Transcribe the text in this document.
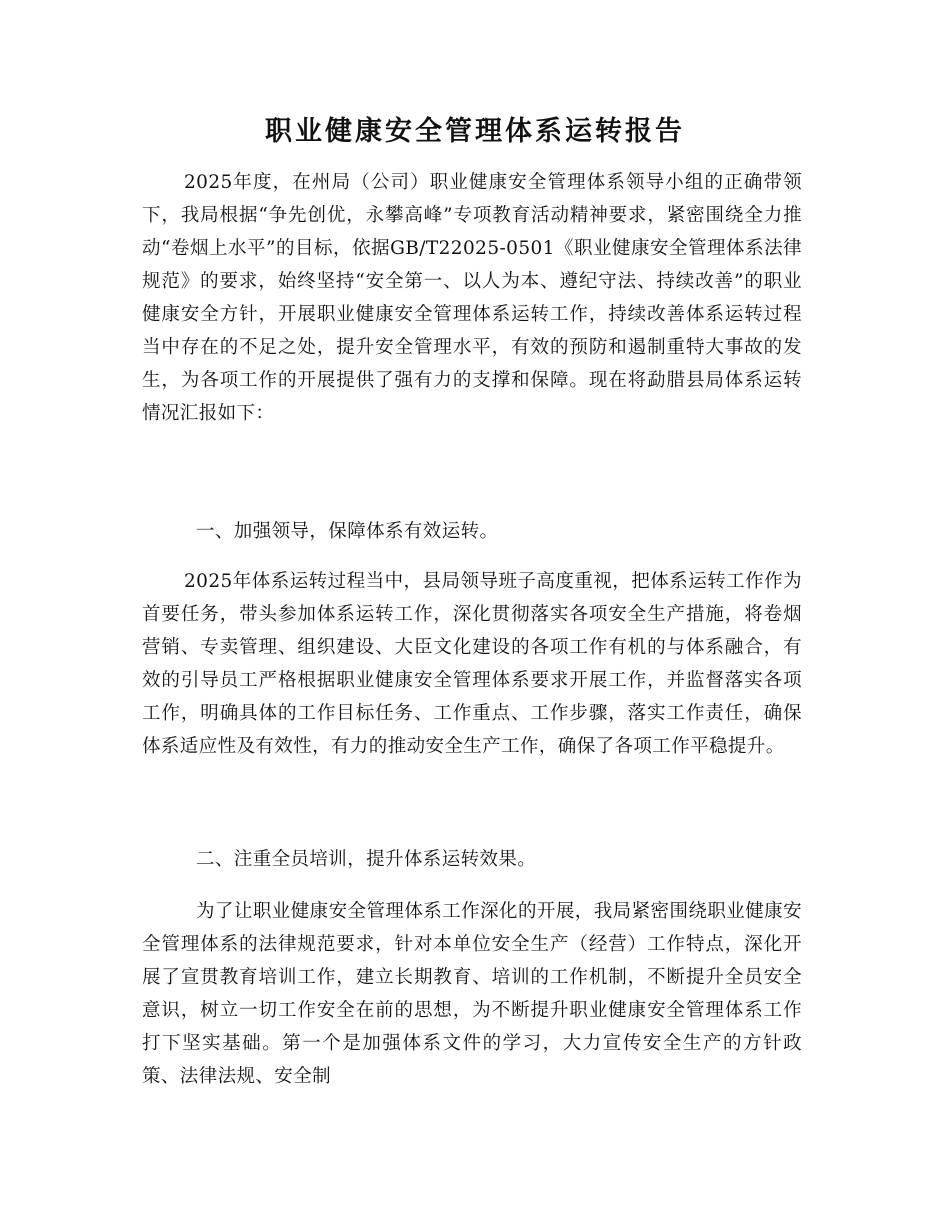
职业健康安全管理体系运转报告

2025年度，在州局（公司）职业健康安全管理体系领导小组的正确带领下，我局根据“争先创优，永攀高峰”专项教育活动精神要求，紧密围绕全力推动“卷烟上水平”的目标，依据GB/T22025-0501《职业健康安全管理体系法律规范》的要求，始终坚持“安全第一、以人为本、遵纪守法、持续改善”的职业健康安全方针，开展职业健康安全管理体系运转工作，持续改善体系运转过程当中存在的不足之处，提升安全管理水平，有效的预防和遏制重特大事故的发生，为各项工作的开展提供了强有力的支撑和保障。现在将勐腊县局体系运转情况汇报如下：

一、加强领导，保障体系有效运转。

2025年体系运转过程当中，县局领导班子高度重视，把体系运转工作作为首要任务，带头参加体系运转工作，深化贯彻落实各项安全生产措施，将卷烟营销、专卖管理、组织建设、大臣文化建设的各项工作有机的与体系融合，有效的引导员工严格根据职业健康安全管理体系要求开展工作，并监督落实各项工作，明确具体的工作目标任务、工作重点、工作步骤，落实工作责任，确保体系适应性及有效性，有力的推动安全生产工作，确保了各项工作平稳提升。

二、注重全员培训，提升体系运转效果。

为了让职业健康安全管理体系工作深化的开展，我局紧密围绕职业健康安全管理体系的法律规范要求，针对本单位安全生产（经营）工作特点，深化开展了宣贯教育培训工作，建立长期教育、培训的工作机制，不断提升全员安全意识，树立一切工作安全在前的思想，为不断提升职业健康安全管理体系工作打下坚实基础。第一个是加强体系文件的学习，大力宣传安全生产的方针政策、法律法规、安全制
